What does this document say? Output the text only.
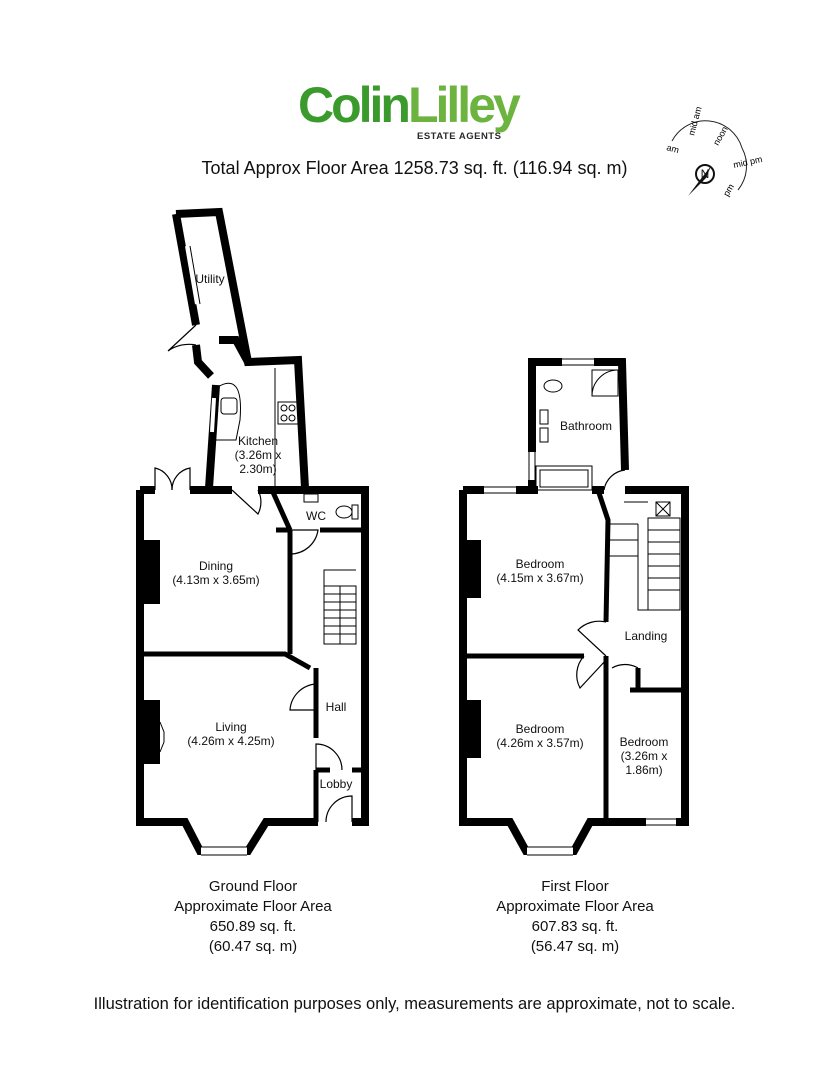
ColinLilley
ESTATE AGENTS
Total Approx Floor Area 1258.73 sq. ft. (116.94 sq. m)	N
am
mid am noon
mid pm
pm
Utility
Kitchen
(3.26m x
2.30m)
WC
Dining
(4.13m x 3.65m)
Living
(4.26m x 4.25m)
Hall
Lobby
Bathroom
Bedroom
(4.15m x 3.67m)
Landing
Bedroom
(4.26m x 3.57m)	Bedroom
(3.26m x
1.86m)
Ground Floor
Approximate Floor Area
650.89 sq. ft.
(60.47 sq. m)
First Floor
Approximate Floor Area
607.83 sq. ft.
(56.47 sq. m)
Illustration for identification purposes only, measurements are approximate, not to scale.
